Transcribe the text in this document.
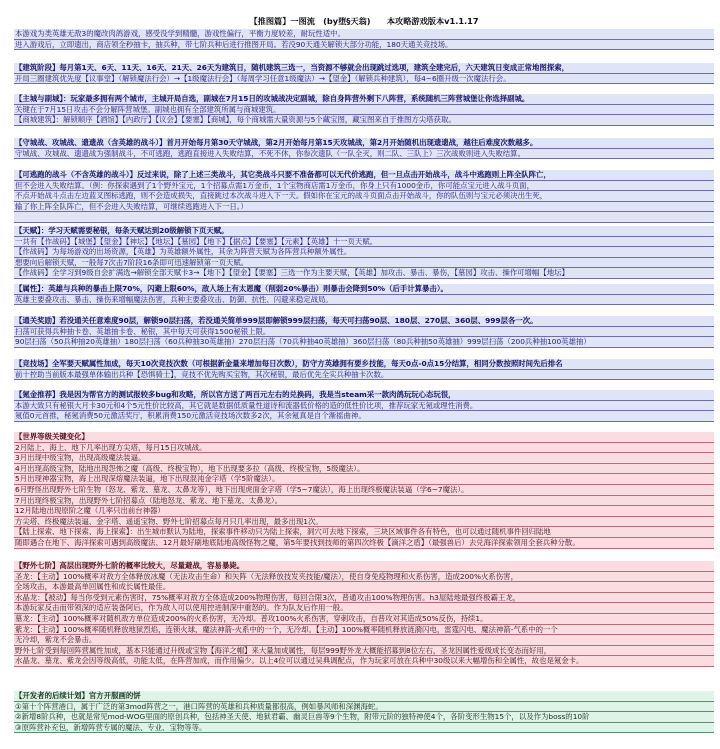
【推图篇】一图流　(by堕§天翁)　　本攻略游戏版本v1.1.17
本游戏为类英雄无敌3的魔改肉鸽游戏，感受没学到精髓，游戏性偏行，平衡力度较差，耐玩性适中。
进入游戏后，立即遗出，商店领全秒抽卡，抽兵种，带七阶兵种后进行推图开局。若没90天通关解锁大部分功能，180天通关竞技场。
【建筑阶段】每月第1天、6天、11天、16天、21天、26天为建筑日，随机建筑三选一，当资源不够就会出现跳过选项，建筑全建完后，六天建筑日变成正常地图探索，
开局三圈建筑优先度【议事堂】（解锁魔法行会）→【1级魔法行会】（每周学习任意1级魔法）→【望金】（解锁兵种建筑），每4~6圈升级一次魔法行会。
【主城与副城】：玩家最多拥有两个城市，主城开局自选，副城在7月15日的攻城战决定副城，除自身阵营外剩下八阵营，系统随机三阵营城堡让你选择副城。
关键在于7月15日攻击不会分解阵营城堡。副城也拥有全部建筑所属与商城建筑。
【商城建筑】：解锁顺序【酒馆】【内政厅】【议会】【要塞】【商城】，每个商城需大量资源与5个藏宝图，藏宝图来自于推图方尖塔获取。
【守城战、攻城战、遗遗战（含英雄的战斗）】首月开始每月第30天守城战，第2月开始每月第15天攻城战，第2月开始随机出现遗遗战，越往后难度次数越多。
守城战、攻城战、遗遗战为强制战斗，不可逃跑，逃跑直接进入失败结算，不死不休，你参次遗队（一队全灭，则二队、三队上）三次战败则进入失败结算。
【可逃跑的战斗（不含英雄的战斗）】反过来说，除了上述三类战斗，其它类战斗只要不准备都可以无代价逃跑，但一旦点击开始战斗，战斗中逃跑则上阵全队阵亡，
但不会进入失败结算。（例：你探索遇到了1个野外宝元，1个招募点需1万金币，1个宝物商店需1万金币，你身上只有1000金币，你可能点宝元进入战斗页面，
不点开始战斗点击左边蓝叉图标逃跑，则不会造成损失，直接跳过本次战斗进入下一天。假如你在宝元的战斗页面点击开始战斗，你的队伍则与宝元必须决出生死，
输了你上阵全队阵亡，但不会进入失败结算，可继续逃跑进入下一日。）
【天赋】：学习天赋需要秘银，每条天赋达到20级解锁下页天赋。
一共有【作战码】【城堡】【望金】【神坛】【地坛】【墓园】【地下】【据点】【要塞】【元素】【英雄】十一页天赋。
【作战码】为每场游戏的出场资源，【英雄】为英雄额外属性，其余为阵营天赋为各阵营兵种额外属性。
想要向后解锁天赋，一般每7次击7阶段16条即可迅速解锁第一页天赋。
【作战码】全学习到9级自会扩满选→解锁全部天赋卡3→【地下】【望金】【要塞】三选一作为主要天赋，【英雄】加攻击、暴击、暴伤，【墓园】攻击、操作可增幅【地坛】
【属性】：英雄与兵种的暴击上限70%，闪避上限60%，敌人场上有太恩魔（削弱20%暴击）则暴击会降到50%（后手计算暴击）。
英雄主要叠攻击、暴击、操伤来增幅魔法伤害，兵种主要叠攻击、防御、抗性、闪避来稳定战局。
【通关奖励】若没通关任意难度90层，解锁90层扫荡，若没通关简单999层即解锁999层扫荡，每天可扫荡90层、180层、270层、360层、999层各一次。
扫荡可获得兵种抽卡卷、英雄抽卡卷、秘银，其中每天可获得1500秘银上限。
90层扫荡（50兵种抽20英雄抽）180层扫荡（60兵种抽30英雄抽）270层扫荡（70兵种抽40英雄抽）360层扫荡（80兵种抽50英雄抽）999层扫荡（200兵种抽100英雄抽）
【竞技场】全军要天赋属性加成，每天10次竞技次数（可根据新金量来增加每日次数），防守方英雄拥有要乡技能，每天0点-0点15分结算，相同分数按照时间先后排名
前十控助当前版本最强单体输出兵种【恐惧骑士】，竞技不优先购买宝物，其次秘银，最后优先全实兵种抽卡次数。
【氪金推荐】我是因为帮官方的测试报较多bug和攻略，所以官方送了两百元左右的兑换码，我是当steam采一款肉鸽玩玩心态玩很，
本游大致只有秘银大月卡30元和4个5元性价比较高，其它就是数据低质量性道诗和流器低价格的造的低性价比项，推荐玩家无氪或理性消费。
氪值0元首推，秘氪消费50元激活奖厅，积累消费150元激活竞技场次数多2次，其余氪真是自个渐摇曲神。
【世界等级关键变化】
2月陆上、海上、地下几率出现方尖塔，每月15日攻城战。
3月出现中级宝物，出现高级魔法装逼。
4月出现高级宝物，陆地出现怨怖之魔（高级、终极宝物），地下出现要多拉（高级、终极宝物，5级魔法）。
5月出现神器宝物，海上出现深熔魔法装逼，地下出现混沌金字塔（学5阶魔法）。
6月野怪出现野外七阶生物（怒龙、紫龙、墓龙、太鼻龙等），地下出现虎面金字塔（学5~7魔法），海上出现终极魔法装逼（学6~7魔法）。
7月出现终极宝物，出现野外七阶招募点（陆地怒龙、紫龙、地下墓龙、太鼻龙）。
12月陆地出现原阶之魔（几率只出前台神器）
方尖塔、终极魔法装逼、金字塔、遥遥宝物、野外七阶招募点每月只几率出现，最多出现1次。
【陆上探索、地下探索、海上探索】：出生城市默认为陆地，探索事件移动只为陆上探索，洞穴可去地下探索，三块区域事件各有特色，也可以通过随机事件回归陆地
随即遇合在地下、海洋探索可遇到高级魔法、12月最好刷地底陆地高级怪物之魔，第5年要找到技师的第四次终极【滴洋之盾】（最强兽后）去兑海洋探索领用全套兵种分散。
【野外七阶】高层出现野外七阶的概率比较大，尽量避战，容易暴毙。
圣龙：【主动】100%概率对敌方全体释放冰魔（无法攻击生命）和矢阵（无法释放技发夹技能/魔法），使自身免疫物理和火系伤害，造成200%火系伤害，
全场攻击，本游最高单回属性和成长属性最佳。
水晶龙：【被动】每当你受到元素伤害时，75%概率对敌方全体造成200%物理伤害，每回合限3次，普通攻击100%物理伤害。h3屋陆地最强终极霸王龙，
本游玩家反击而带领深的适应装备阿后，作为敌人可以使用控进制深中重怒的。作为队友后作用一般。
墓龙：【主动】100%概率对随机敌方单位造成200%的火系伤害，无冷却。普攻100%火系伤害，穿刺攻击，自普攻对其造成50%反伤，持续1。
紫龙：【主动】100%概率随机释放地狱烈焰，连锁火球，魔法神箭-火系中的一个，无冷却。【主动】100%概率随机释放涟漪闪电，雷霆闪电、魔法神箭-气系中的一个
无冷却，紫龙不会暴击。
野外七阶受到每回阵营属性加成，基本只能通过升级或宝物【海洋之帽】来大量加成属性，每层999野外龙大概能招募到8位左右，圣龙因属性爱级成长变态而好用，
水晶龙、墓龙、紫龙会因等级高低，功能太低，在阵营加成，而作用偏少。以上4位可以通过吴典调配点，作为玩家可放在兵种中30级以来大幅增伤和全属性，故也是氪金卡。
【开发者的后续计划】官方开服画的饼
①第十个阵营港口，属于广泛的第3mod阵营之一，港口阵营的英雄和兵种质量都很高，例如暴风师和深渊海蛇。
②新增8阶兵种，也就是常见mod-WOG里面的原创兵种，包括神圣天使、地狱君霸、幽灵巨兽等9个生物，附带元阶的独特神使4个，各阶变形生物15个，以及作为boss的10阶
③原阵营补充包，新增阵营专属的魔法、专业、宝物等等。
